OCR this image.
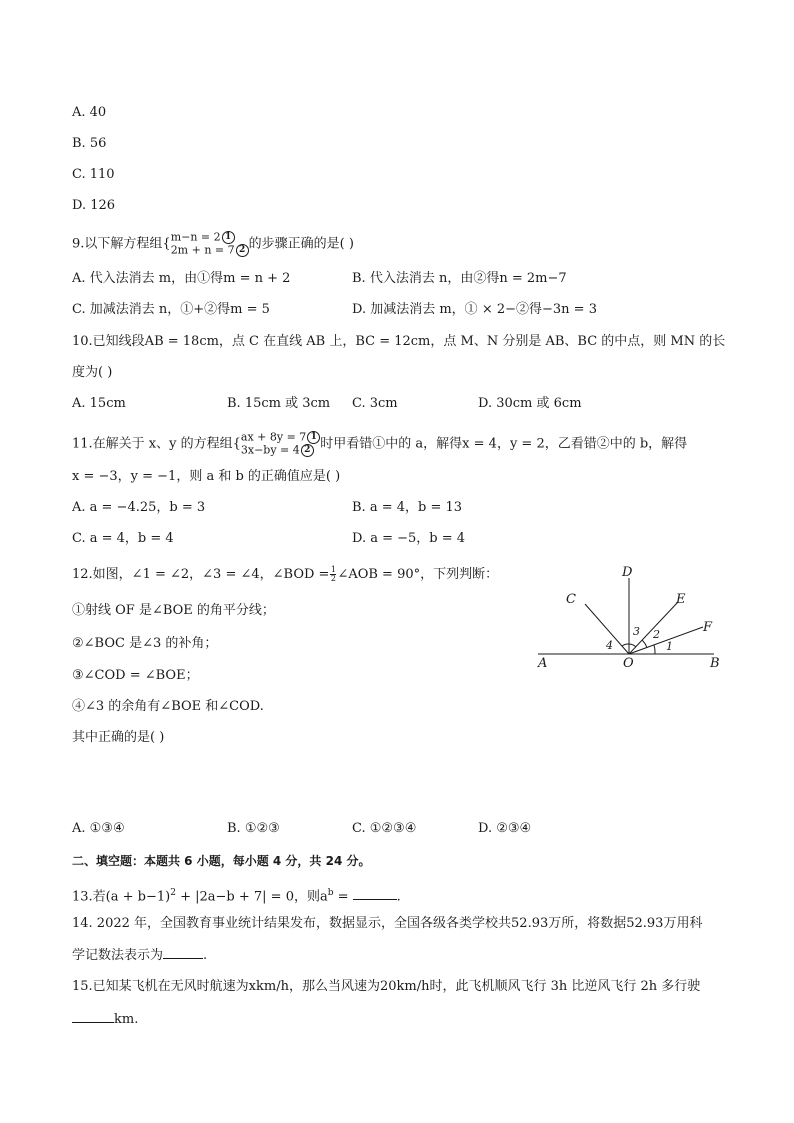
A. 40
B. 56
C. 110
D. 126
9.以下解方程组{ m−n = 2 1
2m + n = 7 2 的步骤正确的是( )
A. 代入法消去 m，由①得m = n + 2	B. 代入法消去 n，由②得n = 2m−7
C. 加减法消去 n，①+②得m = 5	D. 加减法消去 m，① × 2−②得−3n = 3
10.已知线段AB = 18cm，点 C 在直线 AB 上，BC = 12cm，点 M、N 分别是 AB、BC 的中点，则 MN 的长
度为( )
A. 15cm	B. 15cm 或 3cm C. 3cm	D. 30cm 或 6cm
11.在解关于 x、y 的方程组{ ax + 8y = 7 1
3x−by = 4 2 时甲看错①中的 a，解得x = 4，y = 2，乙看错②中的 b，解得
x = −3，y = −1，则 a 和 b 的正确值应是( )
A. a = −4.25，b = 3	B. a = 4，b = 13
C. a = 4，b = 4	D. a = −5，b = 4
12.如图，∠1 = ∠2，∠3 = ∠4，∠BOD = $\frac{1}{2}$ ∠AOB = 90°，下列判断：
①射线 OF 是∠BOE 的角平分线；
②∠BOC 是∠3 的补角；
③∠COD = ∠BOE；
④∠3 的余角有∠BOE 和∠COD.
其中正确的是( )
A	B
C
D
E
F
O
1
2
3
4
A. ①③④	B. ①②③	C. ①②③④	D. ②③④
二、填空题：本题共 6 小题，每小题 4 分，共 24 分。
13.若$(a + b-1)^2 + |2a-b + 7| = 0$，则$a^b$ =	.
14. 2022 年，全国教育事业统计结果发布，数据显示，全国各级各类学校共52.93万所，将数据52.93万用科
学记数法表示为	.
15.已知某飞机在无风时航速为xkm/h，那么当风速为20km/h时，此飞机顺风飞行 3h 比逆风飞行 2h 多行驶
km.
